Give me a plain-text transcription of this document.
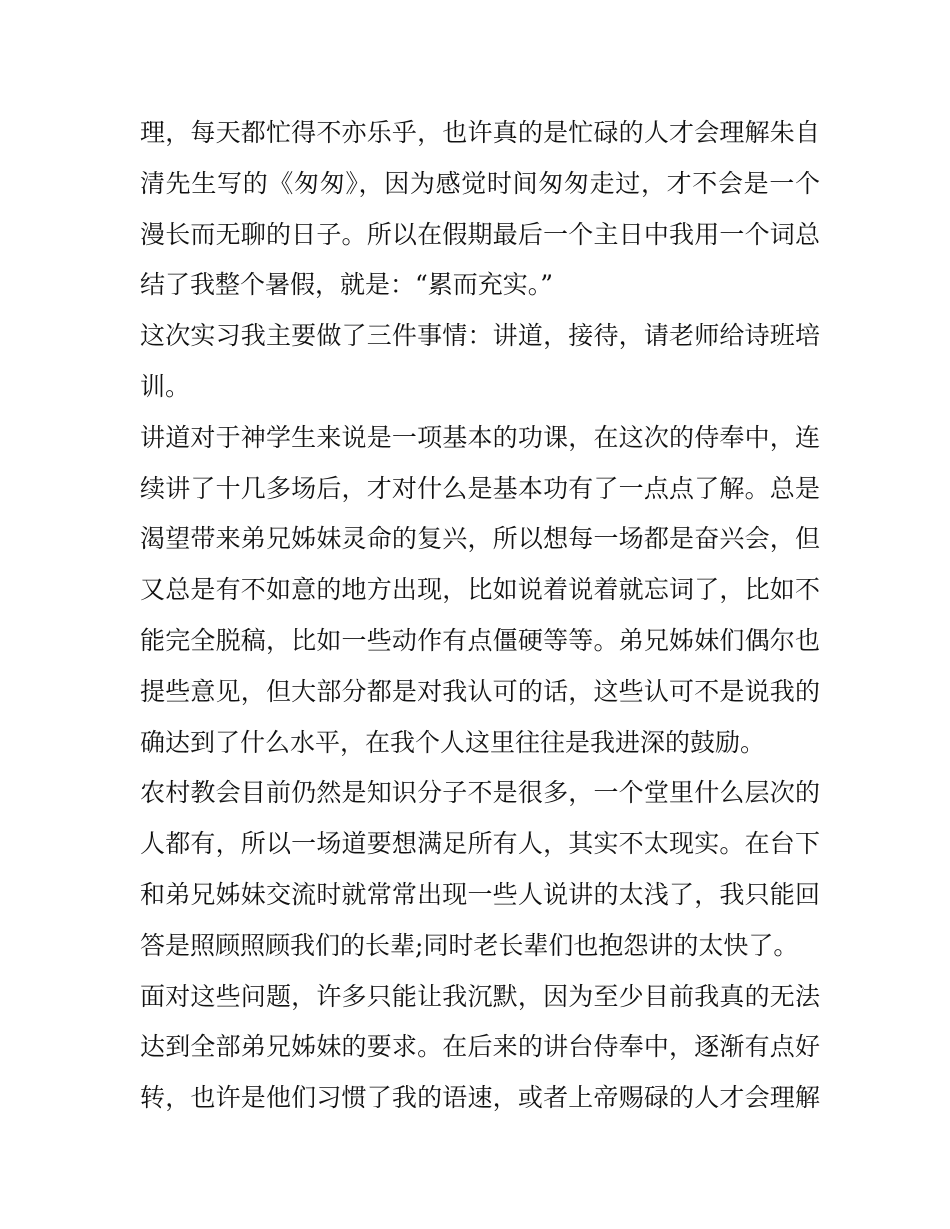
理，每天都忙得不亦乐乎，也许真的是忙碌的人才会理解朱自
清先生写的《匆匆》，因为感觉时间匆匆走过，才不会是一个
漫长而无聊的日子。所以在假期最后一个主日中我用一个词总
结了我整个暑假，就是：“累而充实。”
这次实习我主要做了三件事情：讲道，接待，请老师给诗班培
训。
讲道对于神学生来说是一项基本的功课，在这次的侍奉中，连
续讲了十几多场后，才对什么是基本功有了一点点了解。总是
渴望带来弟兄姊妹灵命的复兴，所以想每一场都是奋兴会，但
又总是有不如意的地方出现，比如说着说着就忘词了，比如不
能完全脱稿，比如一些动作有点僵硬等等。弟兄姊妹们偶尔也
提些意见，但大部分都是对我认可的话，这些认可不是说我的
确达到了什么水平，在我个人这里往往是我进深的鼓励。
农村教会目前仍然是知识分子不是很多，一个堂里什么层次的
人都有，所以一场道要想满足所有人，其实不太现实。在台下
和弟兄姊妹交流时就常常出现一些人说讲的太浅了，我只能回
答是照顾照顾我们的长辈;同时老长辈们也抱怨讲的太快了。
面对这些问题，许多只能让我沉默，因为至少目前我真的无法
达到全部弟兄姊妹的要求。在后来的讲台侍奉中，逐渐有点好
转，也许是他们习惯了我的语速，或者上帝赐碌的人才会理解
